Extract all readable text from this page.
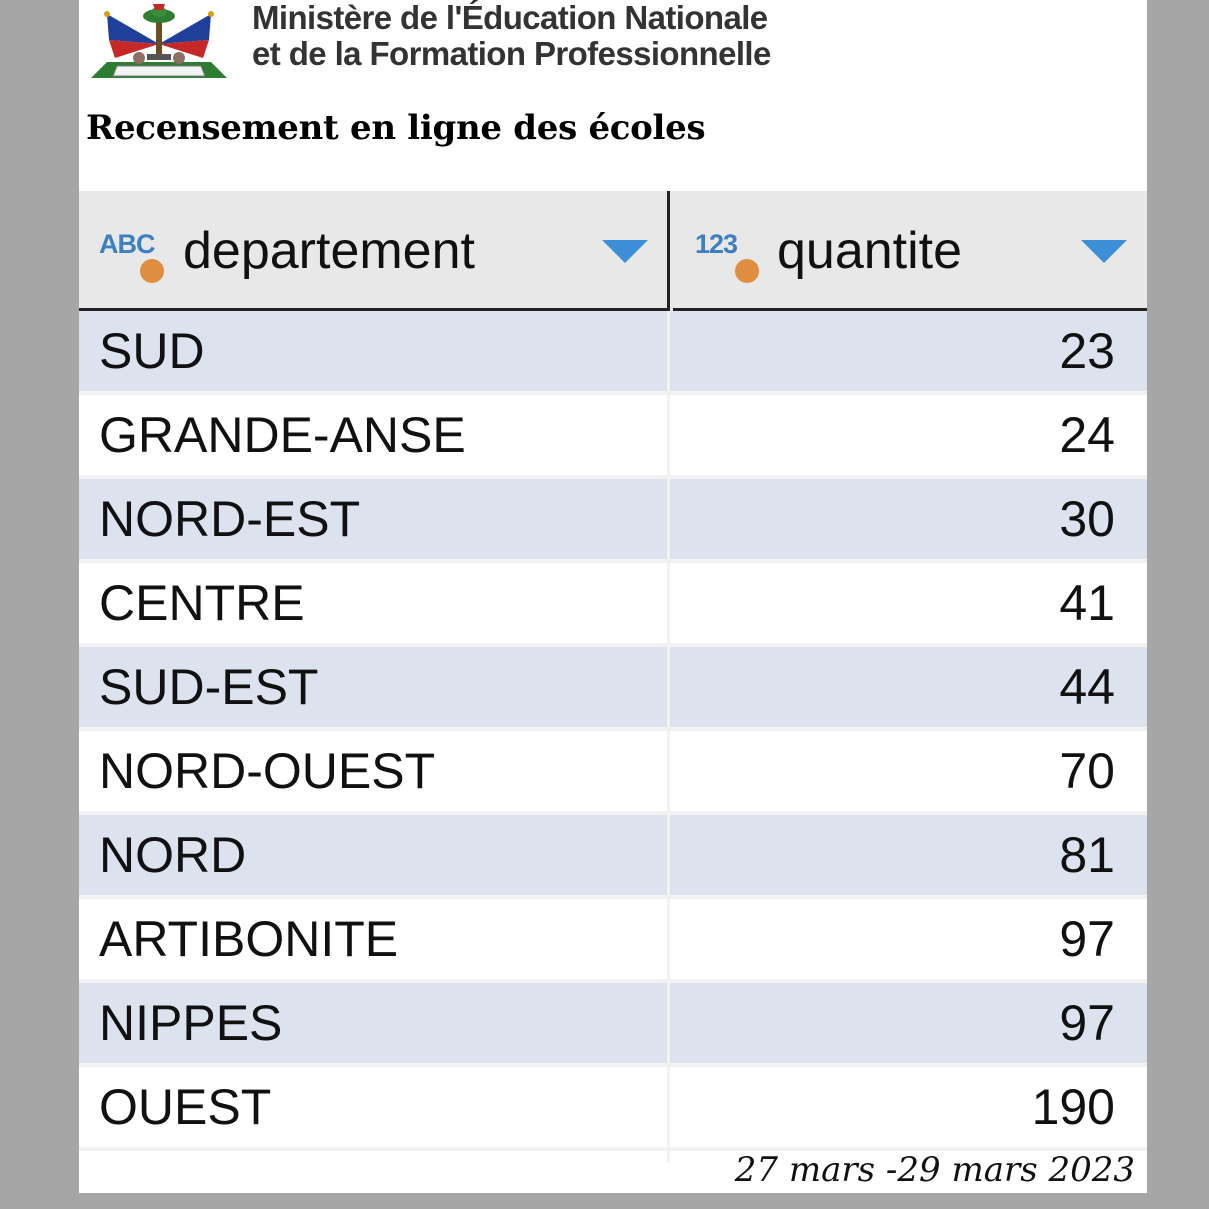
Ministère de l'Éducation Nationale
et de la Formation Professionnelle
Recensement en ligne des écoles
ABC departement	123 quantite
SUD	23
GRANDE-ANSE	24
NORD-EST	30
CENTRE	41
SUD-EST	44
NORD-OUEST	70
NORD	81
ARTIBONITE	97
NIPPES	97
OUEST	190
27 mars -29 mars 2023
